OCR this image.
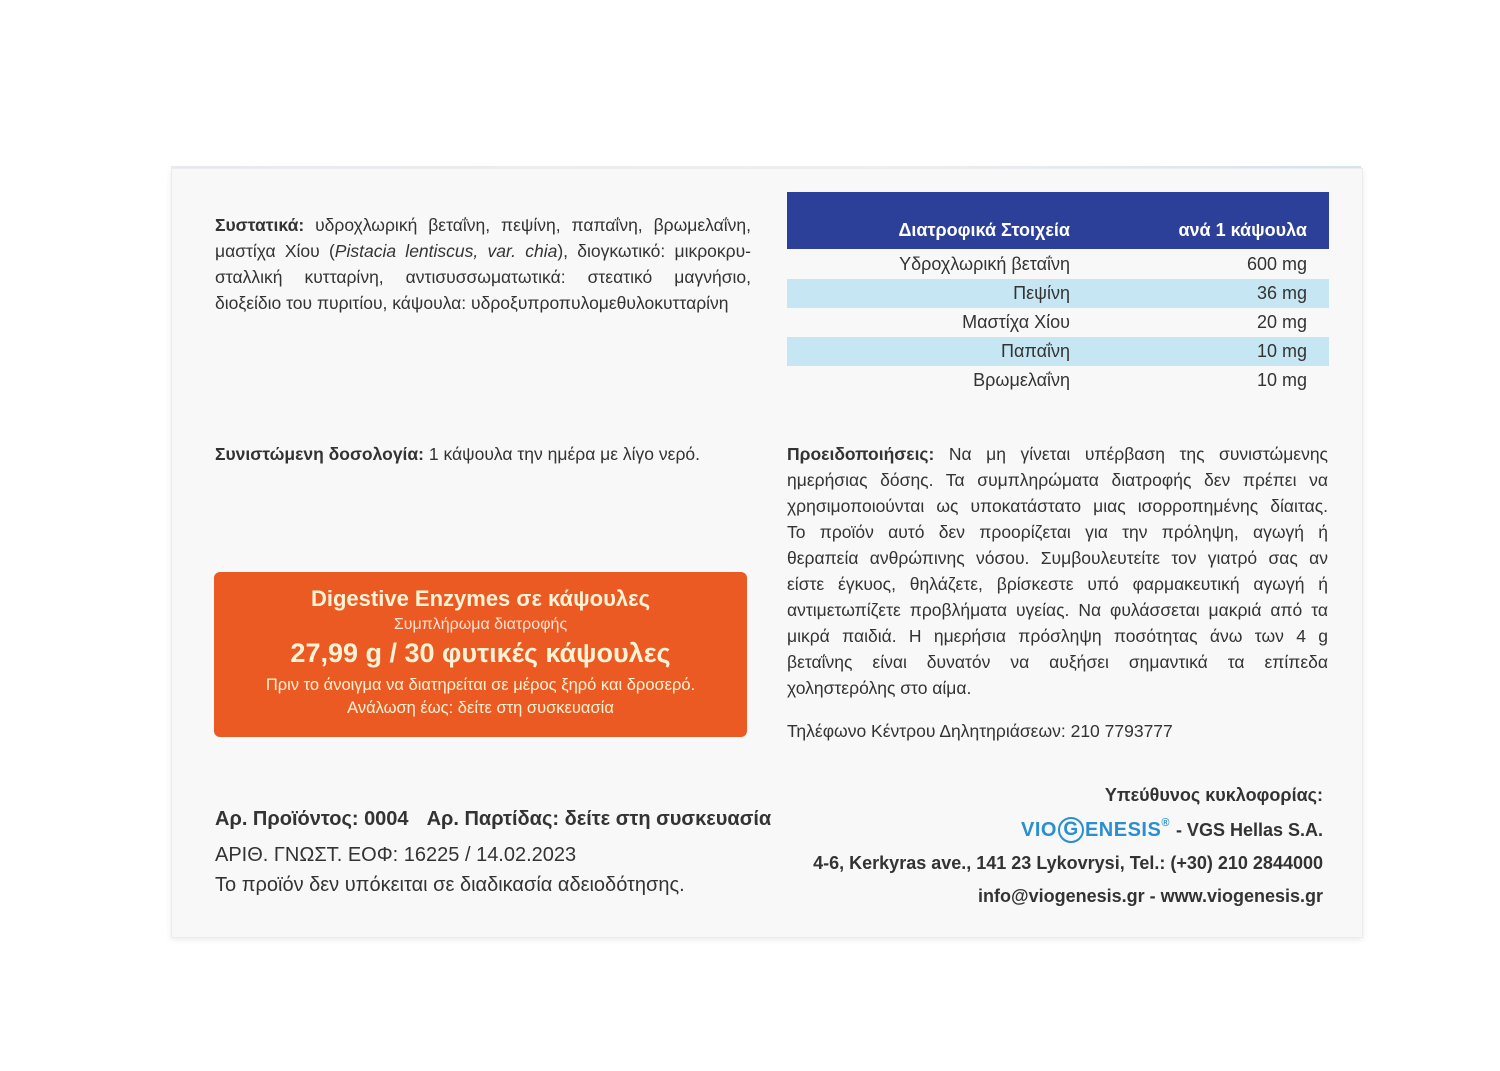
Συστατικά: υδροχλωρική βεταΐνη, πεψίνη, παπαΐνη, βρωμελαΐνη,
μαστίχα Χίου (Pistacia lentiscus, var. chia), διογκωτικό: μικροκρυ-
σταλλική κυτταρίνη, αντισυσσωματωτικά: στεατικό μαγνήσιο,
διοξείδιο του πυριτίου, κάψουλα: υδροξυπροπυλομεθυλοκυτταρίνη
Συνιστώμενη δοσολογία: 1 κάψουλα την ημέρα με λίγο νερό.
Διατροφικά Στοιχεία	ανά 1 κάψουλα
Υδροχλωρική βεταΐνη	600 mg
Πεψίνη	36 mg
Μαστίχα Χίου	20 mg
Παπαΐνη	10 mg
Βρωμελαΐνη	10 mg
Προειδοποιήσεις: Να μη γίνεται υπέρβαση της συνιστώμενης
ημερήσιας δόσης. Τα συμπληρώματα διατροφής δεν πρέπει να
χρησιμοποιούνται ως υποκατάστατο μιας ισορροπημένης δίαιτας.
Το προϊόν αυτό δεν προορίζεται για την πρόληψη, αγωγή ή
θεραπεία ανθρώπινης νόσου. Συμβουλευτείτε τον γιατρό σας αν
είστε έγκυος, θηλάζετε, βρίσκεστε υπό φαρμακευτική αγωγή ή
αντιμετωπίζετε προβλήματα υγείας. Να φυλάσσεται μακριά από τα
μικρά παιδιά. Η ημερήσια πρόσληψη ποσότητας άνω των 4 g
βεταΐνης είναι δυνατόν να αυξήσει σημαντικά τα επίπεδα
χοληστερόλης στο αίμα.
Τηλέφωνο Κέντρου Δηλητηριάσεων: 210 7793777
Digestive Enzymes σε κάψουλες
Συμπλήρωμα διατροφής
27,99 g / 30 φυτικές κάψουλες
Πριν το άνοιγμα να διατηρείται σε μέρος ξηρό και δροσερό.
Ανάλωση έως: δείτε στη συσκευασία
Αρ. Προϊόντος: 0004 Αρ. Παρτίδας: δείτε στη συσκευασία
ΑΡΙΘ. ΓΝΩΣΤ. ΕΟΦ: 16225 / 14.02.2023
Το προϊόν δεν υπόκειται σε διαδικασία αδειοδότησης.
Υπεύθυνος κυκλοφορίας:
VIO G ENESIS ® - VGS Hellas S.A.
4-6, Kerkyras ave., 141 23 Lykovrysi, Tel.: (+30) 210 2844000
info@viogenesis.gr - www.viogenesis.gr
